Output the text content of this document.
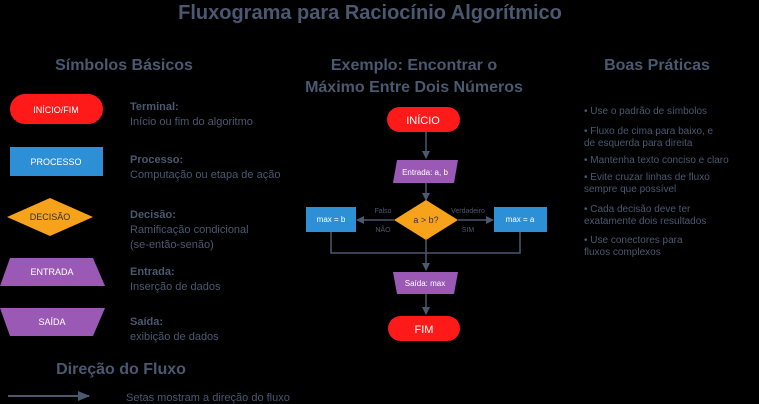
Fluxograma para Raciocínio Algorítmico
Símbolos Básicos
INÍCIO/FIM	Terminal:
Início ou fim do algoritmo
PROCESSO	Processo:
Computação ou etapa de ação
DECISÃO	Decisão:
Ramificação condicional
(se-então-senão)
ENTRADA	Entrada:
Inserção de dados
SAÍDA	Saída:
exibição de dados
Direção do Fluxo
Setas mostram a direção do fluxo
Exemplo: Encontrar o
Máximo Entre Dois Números
INÍCIO
Entrada: a, b
a > b?
Falso
NÃO
Verdadeiro
SIM
max = b	max = a
Saída: max
FIM
Boas Práticas
• Use o padrão de símbolos
• Fluxo de cima para baixo, e
de esquerda para direita
• Mantenha texto conciso e claro
• Evite cruzar linhas de fluxo
sempre que possível
• Cada decisão deve ter
exatamente dois resultados
• Use conectores para
fluxos complexos
